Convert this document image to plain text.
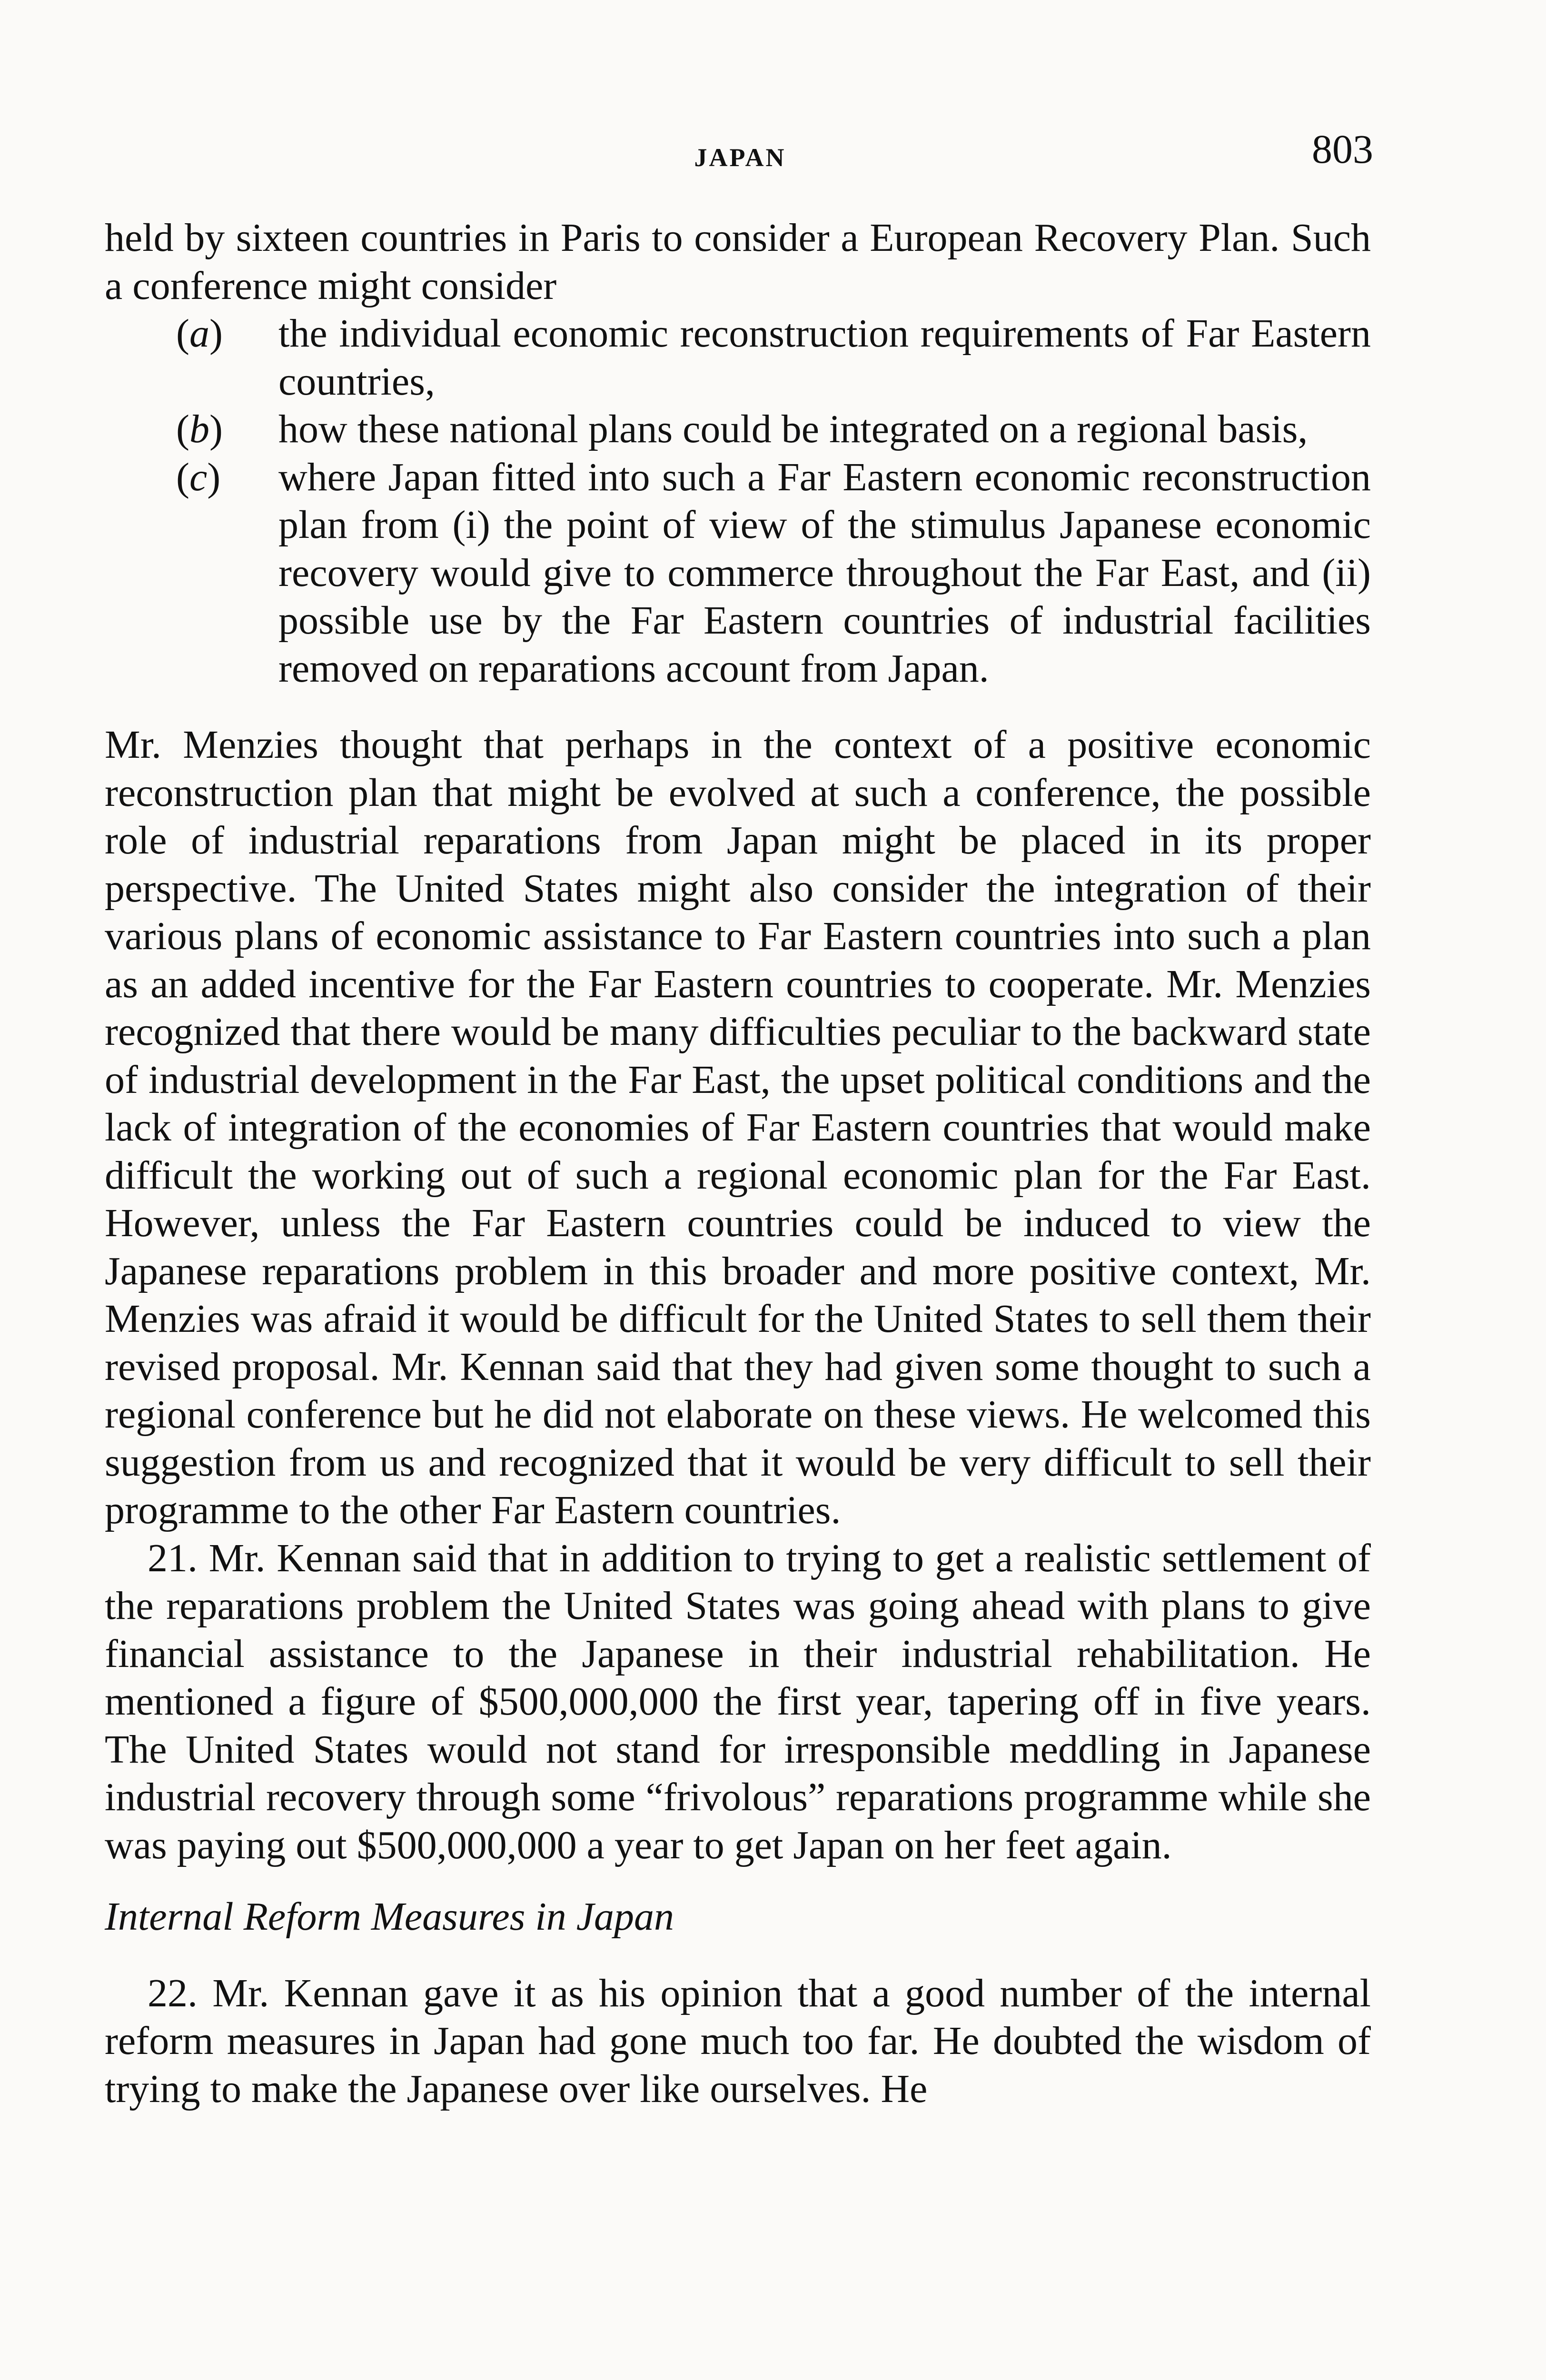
JAPAN	803

held by sixteen countries in Paris to consider a European Recovery Plan. Such a conference might consider

(a) the individual economic reconstruction requirements of Far Eastern countries,
(b) how these national plans could be integrated on a regional basis,
(c) where Japan fitted into such a Far Eastern economic reconstruction plan from (i) the point of view of the stimulus Japanese economic recovery would give to commerce throughout the Far East, and (ii) possible use by the Far Eastern countries of industrial facilities removed on reparations account from Japan.

Mr. Menzies thought that perhaps in the context of a positive economic reconstruction plan that might be evolved at such a conference, the possible role of industrial reparations from Japan might be placed in its proper perspective. The United States might also consider the integration of their various plans of economic assistance to Far Eastern countries into such a plan as an added incentive for the Far Eastern countries to cooperate. Mr. Menzies recognized that there would be many difficulties peculiar to the backward state of industrial development in the Far East, the upset political conditions and the lack of integration of the economies of Far Eastern countries that would make difficult the working out of such a regional economic plan for the Far East. However, unless the Far Eastern countries could be induced to view the Japanese reparations problem in this broader and more positive context, Mr. Menzies was afraid it would be difficult for the United States to sell them their revised proposal. Mr. Kennan said that they had given some thought to such a regional conference but he did not elaborate on these views. He welcomed this suggestion from us and recognized that it would be very difficult to sell their programme to the other Far Eastern countries.

21. Mr. Kennan said that in addition to trying to get a realistic settlement of the reparations problem the United States was going ahead with plans to give financial assistance to the Japanese in their industrial rehabilitation. He mentioned a figure of $500,000,000 the first year, tapering off in five years. The United States would not stand for irresponsible meddling in Japanese industrial recovery through some “frivolous” reparations programme while she was paying out $500,000,000 a year to get Japan on her feet again.

Internal Reform Measures in Japan

22. Mr. Kennan gave it as his opinion that a good number of the internal reform measures in Japan had gone much too far. He doubted the wisdom of trying to make the Japanese over like ourselves. He
